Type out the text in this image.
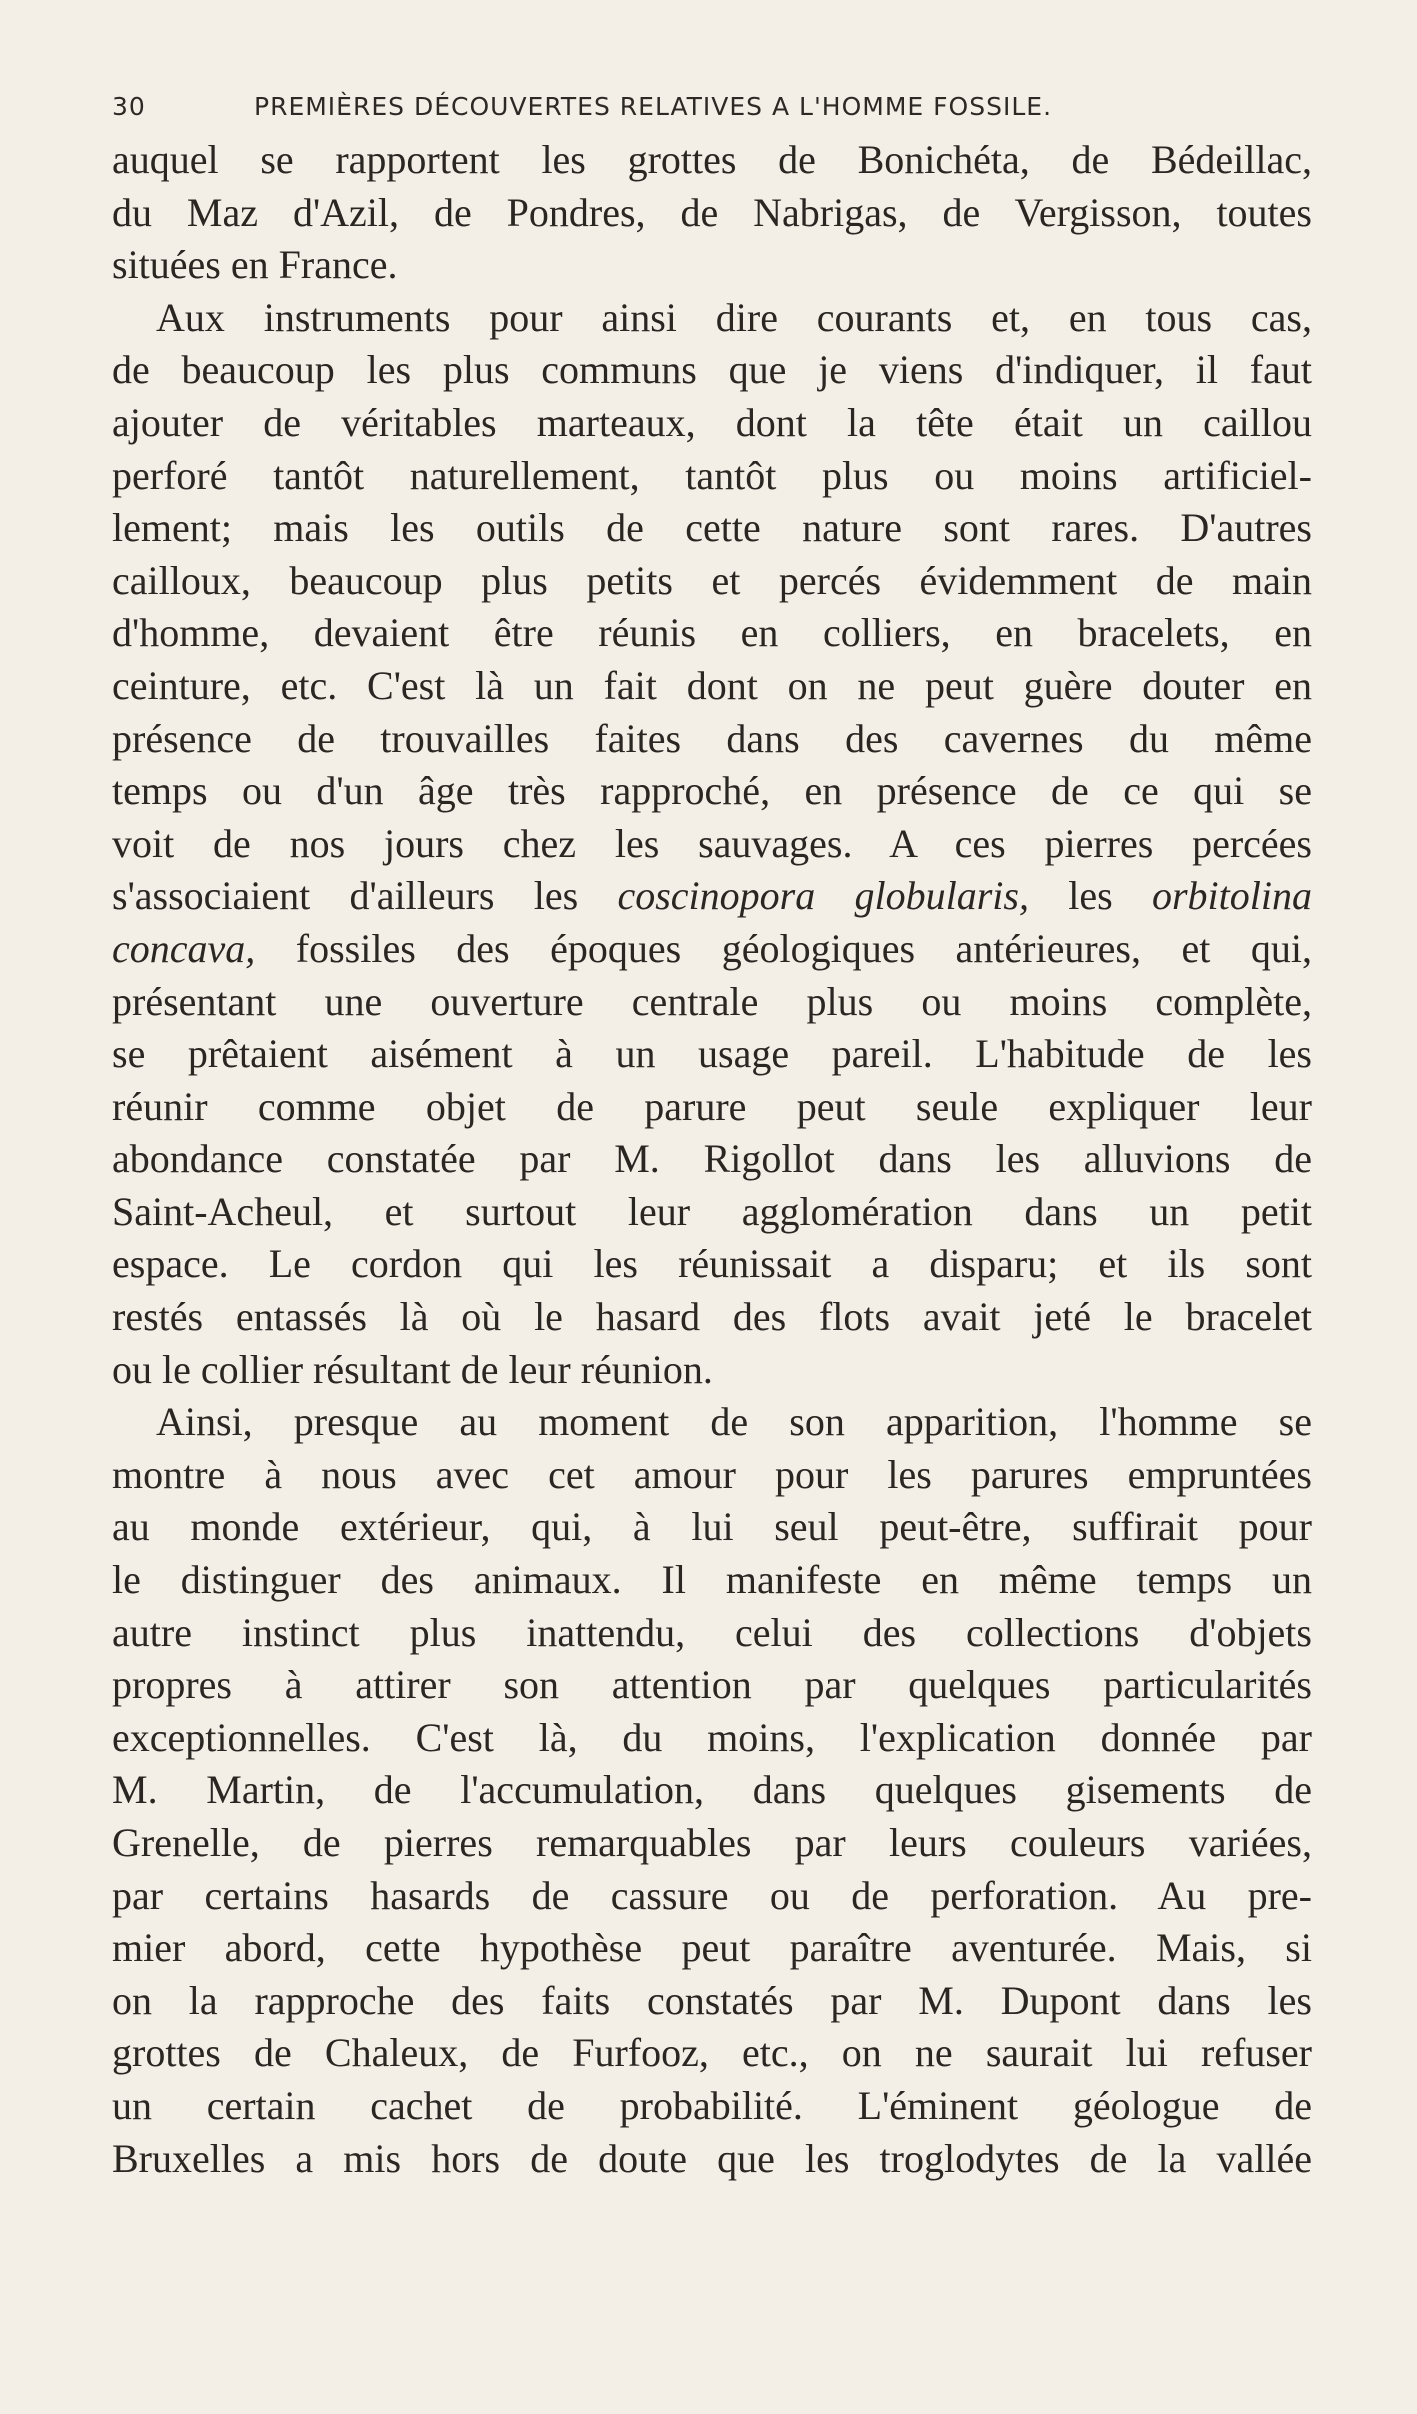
30	PREMIÈRES DÉCOUVERTES RELATIVES A L'HOMME FOSSILE.
auquel se rapportent les grottes de Bonichéta, de Bédeillac,
du Maz d'Azil, de Pondres, de Nabrigas, de Vergisson, toutes
situées en France.
Aux instruments pour ainsi dire courants et, en tous cas,
de beaucoup les plus communs que je viens d'indiquer, il faut
ajouter de véritables marteaux, dont la tête était un caillou
perforé tantôt naturellement, tantôt plus ou moins artificiel-
lement; mais les outils de cette nature sont rares. D'autres
cailloux, beaucoup plus petits et percés évidemment de main
d'homme, devaient être réunis en colliers, en bracelets, en
ceinture, etc. C'est là un fait dont on ne peut guère douter en
présence de trouvailles faites dans des cavernes du même
temps ou d'un âge très rapproché, en présence de ce qui se
voit de nos jours chez les sauvages. A ces pierres percées
s'associaient d'ailleurs les coscinopora globularis, les orbitolina
concava, fossiles des époques géologiques antérieures, et qui,
présentant une ouverture centrale plus ou moins complète,
se prêtaient aisément à un usage pareil. L'habitude de les
réunir comme objet de parure peut seule expliquer leur
abondance constatée par M. Rigollot dans les alluvions de
Saint-Acheul, et surtout leur agglomération dans un petit
espace. Le cordon qui les réunissait a disparu; et ils sont
restés entassés là où le hasard des flots avait jeté le bracelet
ou le collier résultant de leur réunion.
Ainsi, presque au moment de son apparition, l'homme se
montre à nous avec cet amour pour les parures empruntées
au monde extérieur, qui, à lui seul peut-être, suffirait pour
le distinguer des animaux. Il manifeste en même temps un
autre instinct plus inattendu, celui des collections d'objets
propres à attirer son attention par quelques particularités
exceptionnelles. C'est là, du moins, l'explication donnée par
M. Martin, de l'accumulation, dans quelques gisements de
Grenelle, de pierres remarquables par leurs couleurs variées,
par certains hasards de cassure ou de perforation. Au pre-
mier abord, cette hypothèse peut paraître aventurée. Mais, si
on la rapproche des faits constatés par M. Dupont dans les
grottes de Chaleux, de Furfooz, etc., on ne saurait lui refuser
un certain cachet de probabilité. L'éminent géologue de
Bruxelles a mis hors de doute que les troglodytes de la vallée
